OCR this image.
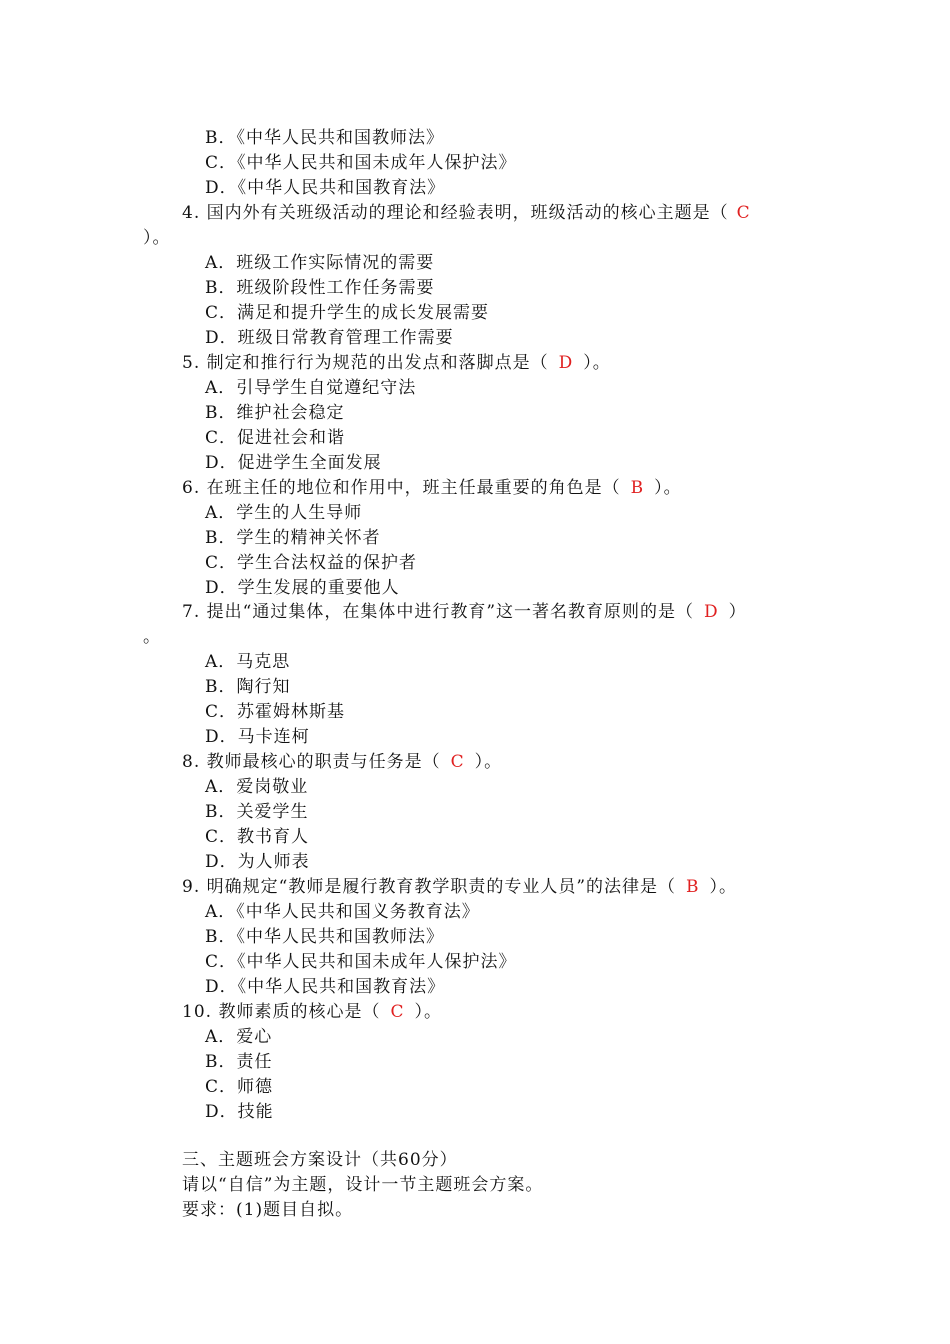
B．《中华人民共和国教师法》
C．《中华人民共和国未成年人保护法》
D．《中华人民共和国教育法》
4. 国内外有关班级活动的理论和经验表明，班级活动的核心主题是（ C
）。
A．班级工作实际情况的需要
B．班级阶段性工作任务需要
C．满足和提升学生的成长发展需要
D．班级日常教育管理工作需要
5. 制定和推行行为规范的出发点和落脚点是（ D ）。
A．引导学生自觉遵纪守法
B．维护社会稳定
C．促进社会和谐
D．促进学生全面发展
6. 在班主任的地位和作用中，班主任最重要的角色是（ B ）。
A．学生的人生导师
B．学生的精神关怀者
C．学生合法权益的保护者
D．学生发展的重要他人
7. 提出“通过集体，在集体中进行教育”这一著名教育原则的是（ D ）
。
A．马克思
B．陶行知
C．苏霍姆林斯基
D．马卡连柯
8. 教师最核心的职责与任务是（ C ）。
A．爱岗敬业
B．关爱学生
C．教书育人
D．为人师表
9. 明确规定“教师是履行教育教学职责的专业人员”的法律是（ B ）。
A．《中华人民共和国义务教育法》
B．《中华人民共和国教师法》
C．《中华人民共和国未成年人保护法》
D．《中华人民共和国教育法》
10. 教师素质的核心是（ C ）。
A．爱心
B．责任
C．师德
D．技能
三、主题班会方案设计（共60分）
请以“自信”为主题，设计一节主题班会方案。
要求：(1)题目自拟。
